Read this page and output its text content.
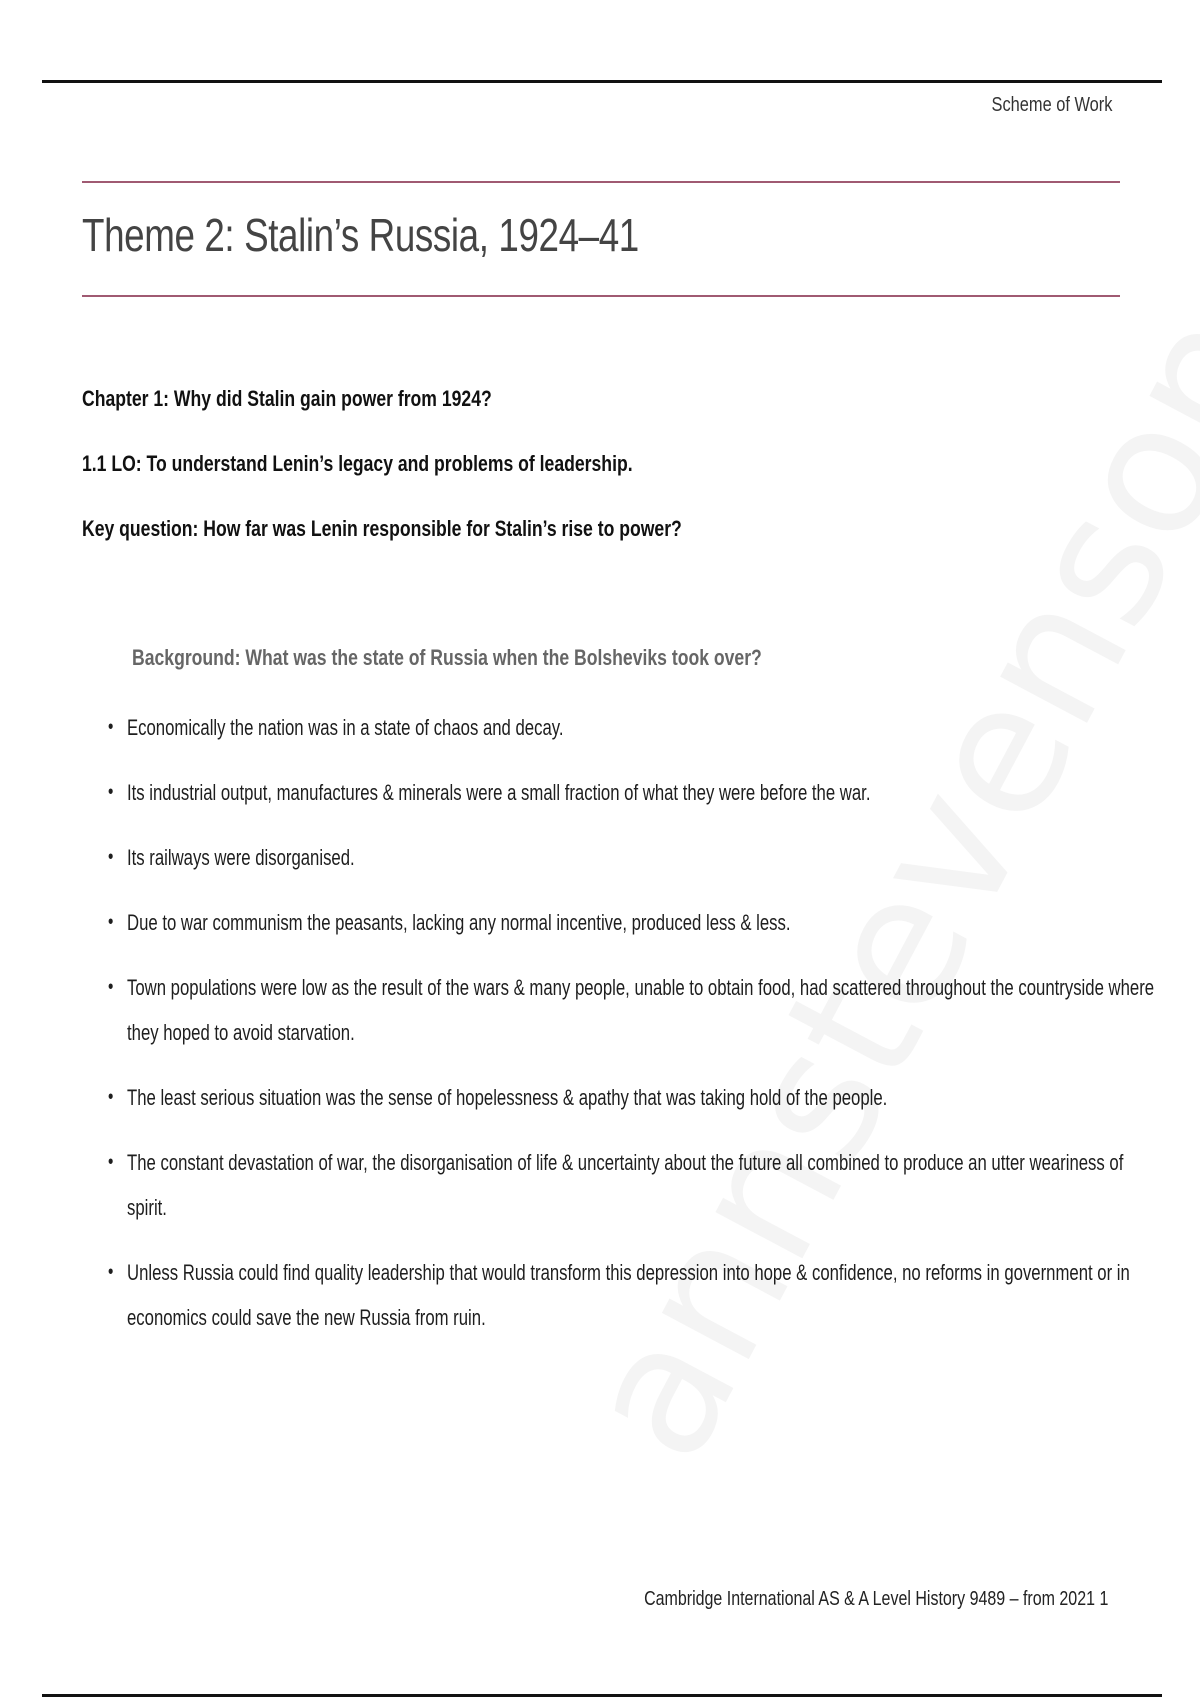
Scheme of Work
Theme 2: Stalin’s Russia, 1924–41
Chapter 1: Why did Stalin gain power from 1924?
1.1 LO: To understand Lenin’s legacy and problems of leadership.
Key question: How far was Lenin responsible for Stalin’s rise to power?
Background: What was the state of Russia when the Bolsheviks took over?
• Economically the nation was in a state of chaos and decay.
• Its industrial output, manufactures & minerals were a small fraction of what they were before the war.
• Its railways were disorganised.
• Due to war communism the peasants, lacking any normal incentive, produced less & less.
• Town populations were low as the result of the wars & many people, unable to obtain food, had scattered throughout the countryside where they hoped to avoid starvation.
• The least serious situation was the sense of hopelessness & apathy that was taking hold of the people.
• The constant devastation of war, the disorganisation of life & uncertainty about the future all combined to produce an utter weariness of spirit.
• Unless Russia could find quality leadership that would transform this depression into hope & confidence, no reforms in government or in economics could save the new Russia from ruin.
Cambridge International AS & A Level History 9489 – from 2021 1
